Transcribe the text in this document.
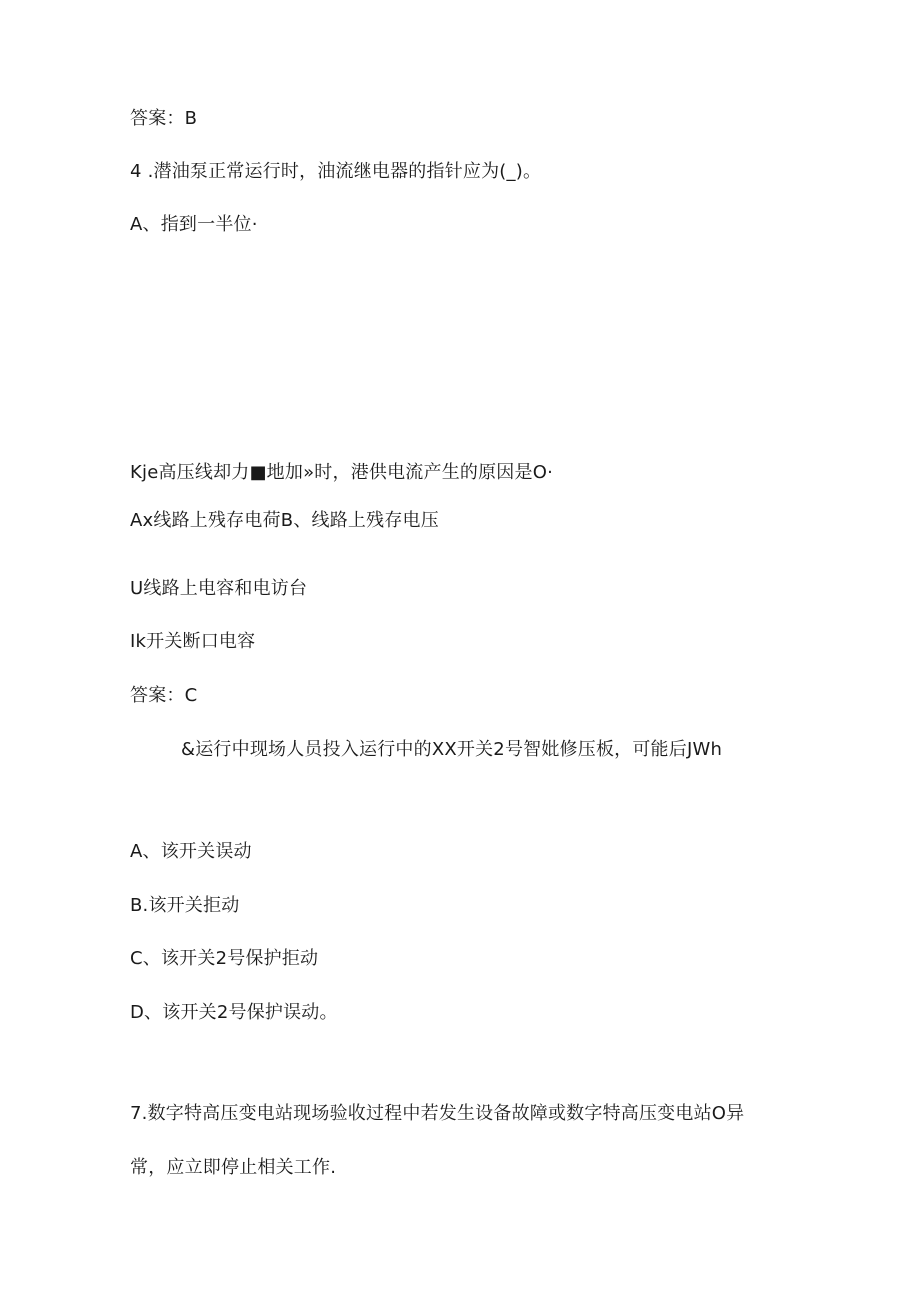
答案：B
4 .潜油泵正常运行时，油流继电器的指针应为(_)。
A、指到一半位·
Kje高压线却力■地加»时，港供电流产生的原因是O·
Ax线路上残存电荷B、线路上残存电压
U线路上电容和电访台
Ik开关断口电容
答案：C
&运行中现场人员投入运行中的XX开关2号智妣修压板，可能后JWh
A、该开关误动
B.该开关拒动
C、该开关2号保护拒动
D、该开关2号保护误动。
7.数字特高压变电站现场验收过程中若发生设备故障或数字特高压变电站O异
常，应立即停止相关工作.
